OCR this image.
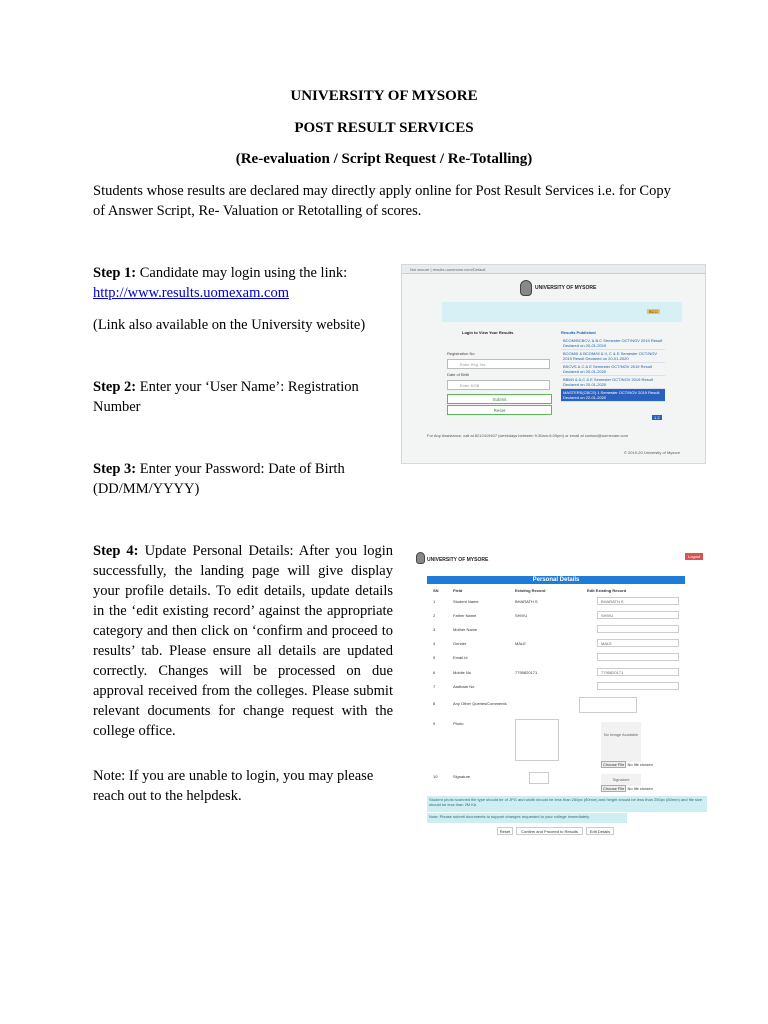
UNIVERSITY OF MYSORE
POST RESULT SERVICES
(Re-evaluation / Script Request / Re-Totalling)
Students whose results are declared may directly apply online for Post Result Services i.e. for Copy of Answer Script, Re- Valuation or Retotalling of scores.
Step 1: Candidate may login using the link:
http://www.results.uomexam.com
(Link also available on the University website)
Step 2: Enter your ‘User Name’: Registration Number
Step 3: Enter your Password: Date of Birth (DD/MM/YYYY)
Step 4: Update Personal Details: After you login successfully, the landing page will give display your profile details. To edit details, update details in the ‘edit existing record’ against the appropriate category and then click on ‘confirm and proceed to results’ tab. Please ensure all details are updated correctly. Changes will be processed on due approval received from the colleges. Please submit relevant documents for change request with the college office.
Note: If you are unable to login, you may please reach out to the helpdesk.
Not secure | results.uomexam.com/Default
UNIVERSITY OF MYSORE
BCO
Login to View Your Results
Registration No
Enter Reg. No
Date of Birth
Enter DOB
Submit
Reset
Results Published
BCOM/BCBCV, & B.C Semester OCT/NOV 2019 Result Declared on 20-01-2019
BCOM/II & BCOM/III & II, C & E Semester OCT/NOV 2019 Result Declared on 20-01-2020
BSCVS & C & E Semester OCT/NOV 2019 Result Declared on 20-01-2020
BBM/I & A,C & E Semester OCT/NOV 2019 Result Declared on 20-01-2020
MASTERS(CBCS) 1 Semester OCT/NOV 2019 Result Declared on 22-01-2020
1 2
For Any Assistance, call at 8212419407 (weekdays between 9:30am-6:00pm) or email at contact@uomexam.com
© 2019-20 University of Mysore
UNIVERSITY OF MYSORE
Logout
Personal Details
SN	Field	Existing Record	Edit Existing Record
1	Student Name	BHARATH S	BHARATH S
2	Father Name	SHIVU	SHIVU
3	Mother Name
4	Gender	MALE	MALE
5	Email Id
6	Mobile No	7795820171	7795820171
7	Aadhaar No
8	Any Other Queries/Comments
9	Photo
No Image Available
Choose File No file chosen
10	Signature
Signature
Choose File No file chosen
Student photo scanned file type should be of JPG and width should be less than 250px (80mm) and height should be less than 250px (80mm) and file size should be less than 2M Kb.
Note: Please submit documents to support changes requested to your college immediately
Reset	Confirm and Proceed to Results	Edit Details
